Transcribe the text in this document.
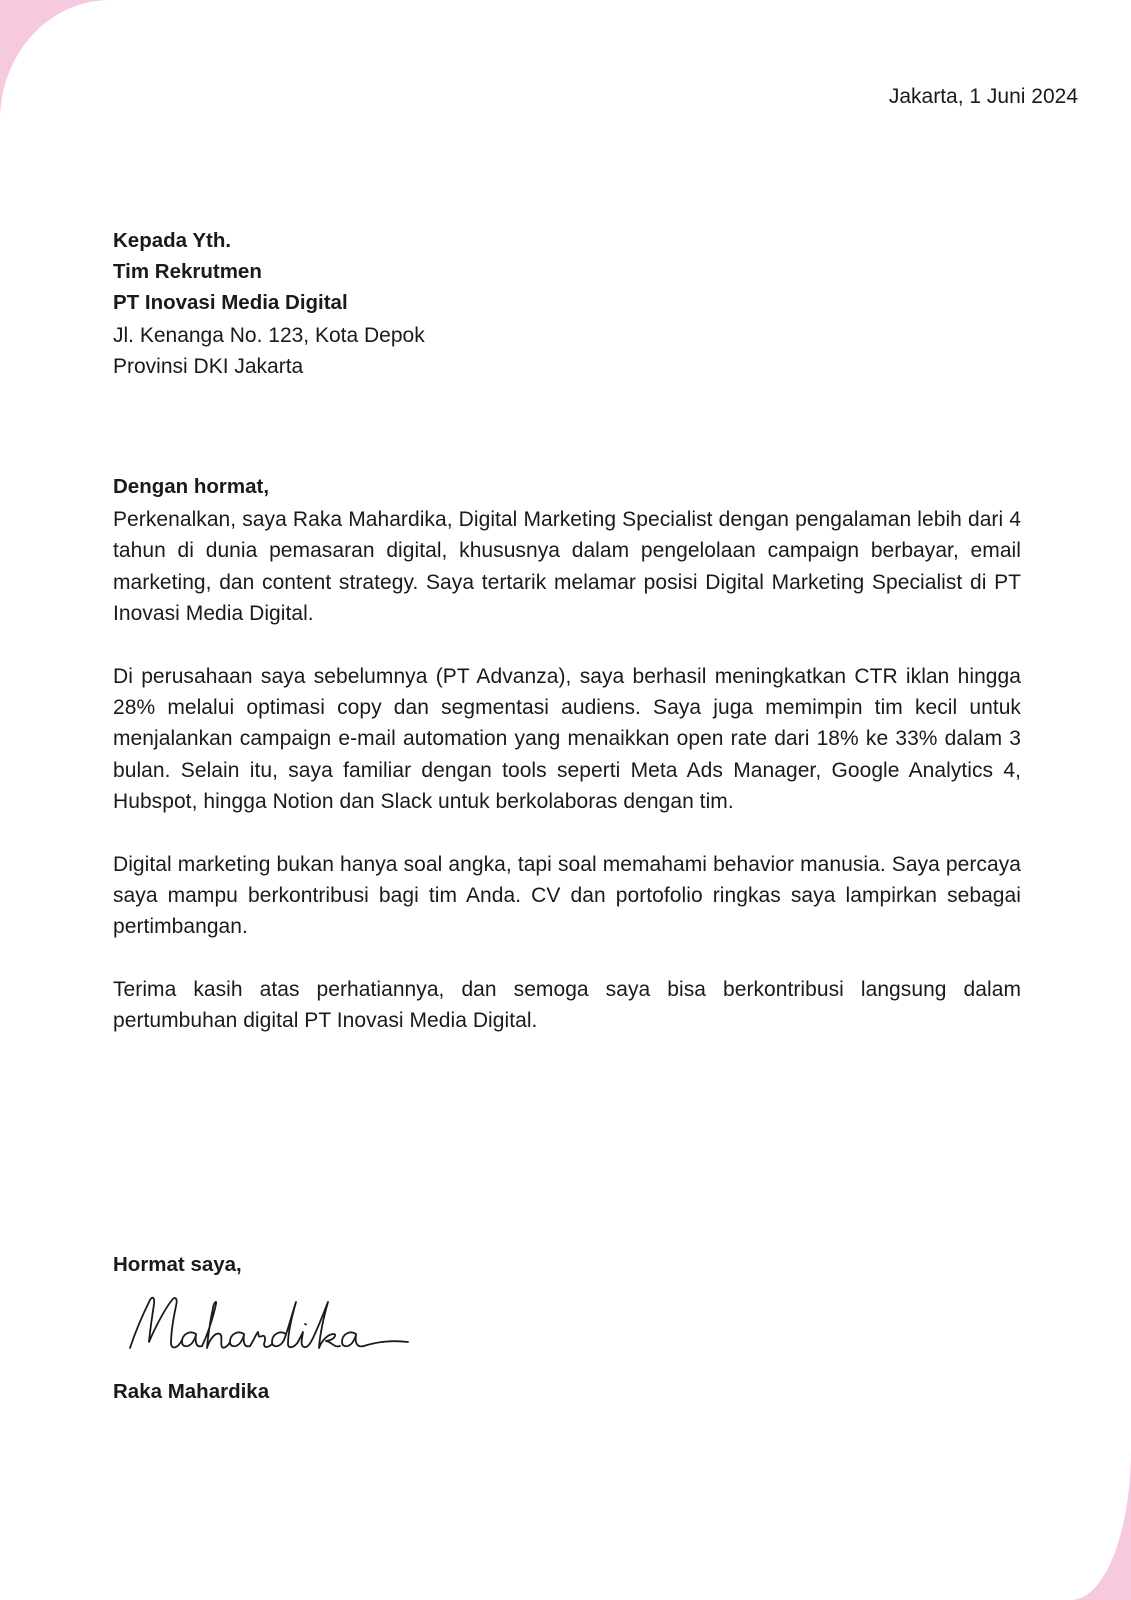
Jakarta, 1 Juni 2024
Kepada Yth.
Tim Rekrutmen
PT Inovasi Media Digital
Jl. Kenanga No. 123, Kota Depok
Provinsi DKI Jakarta

Dengan hormat,

Perkenalkan, saya Raka Mahardika, Digital Marketing Specialist dengan pengalaman lebih dari 4 tahun di dunia pemasaran digital, khususnya dalam pengelolaan campaign berbayar, email marketing, dan content strategy. Saya tertarik melamar posisi Digital Marketing Specialist di PT Inovasi Media Digital.

Di perusahaan saya sebelumnya (PT Advanza), saya berhasil meningkatkan CTR iklan hingga 28% melalui optimasi copy dan segmentasi audiens. Saya juga memimpin tim kecil untuk menjalankan campaign e-mail automation yang menaikkan open rate dari 18% ke 33% dalam 3 bulan. Selain itu, saya familiar dengan tools seperti Meta Ads Manager, Google Analytics 4, Hubspot, hingga Notion dan Slack untuk berkolaboras dengan tim.

Digital marketing bukan hanya soal angka, tapi soal memahami behavior manusia. Saya percaya saya mampu berkontribusi bagi tim Anda. CV dan portofolio ringkas saya lampirkan sebagai pertimbangan.

Terima kasih atas perhatiannya, dan semoga saya bisa berkontribusi langsung dalam pertumbuhan digital PT Inovasi Media Digital.

Hormat saya,
Raka Mahardika
